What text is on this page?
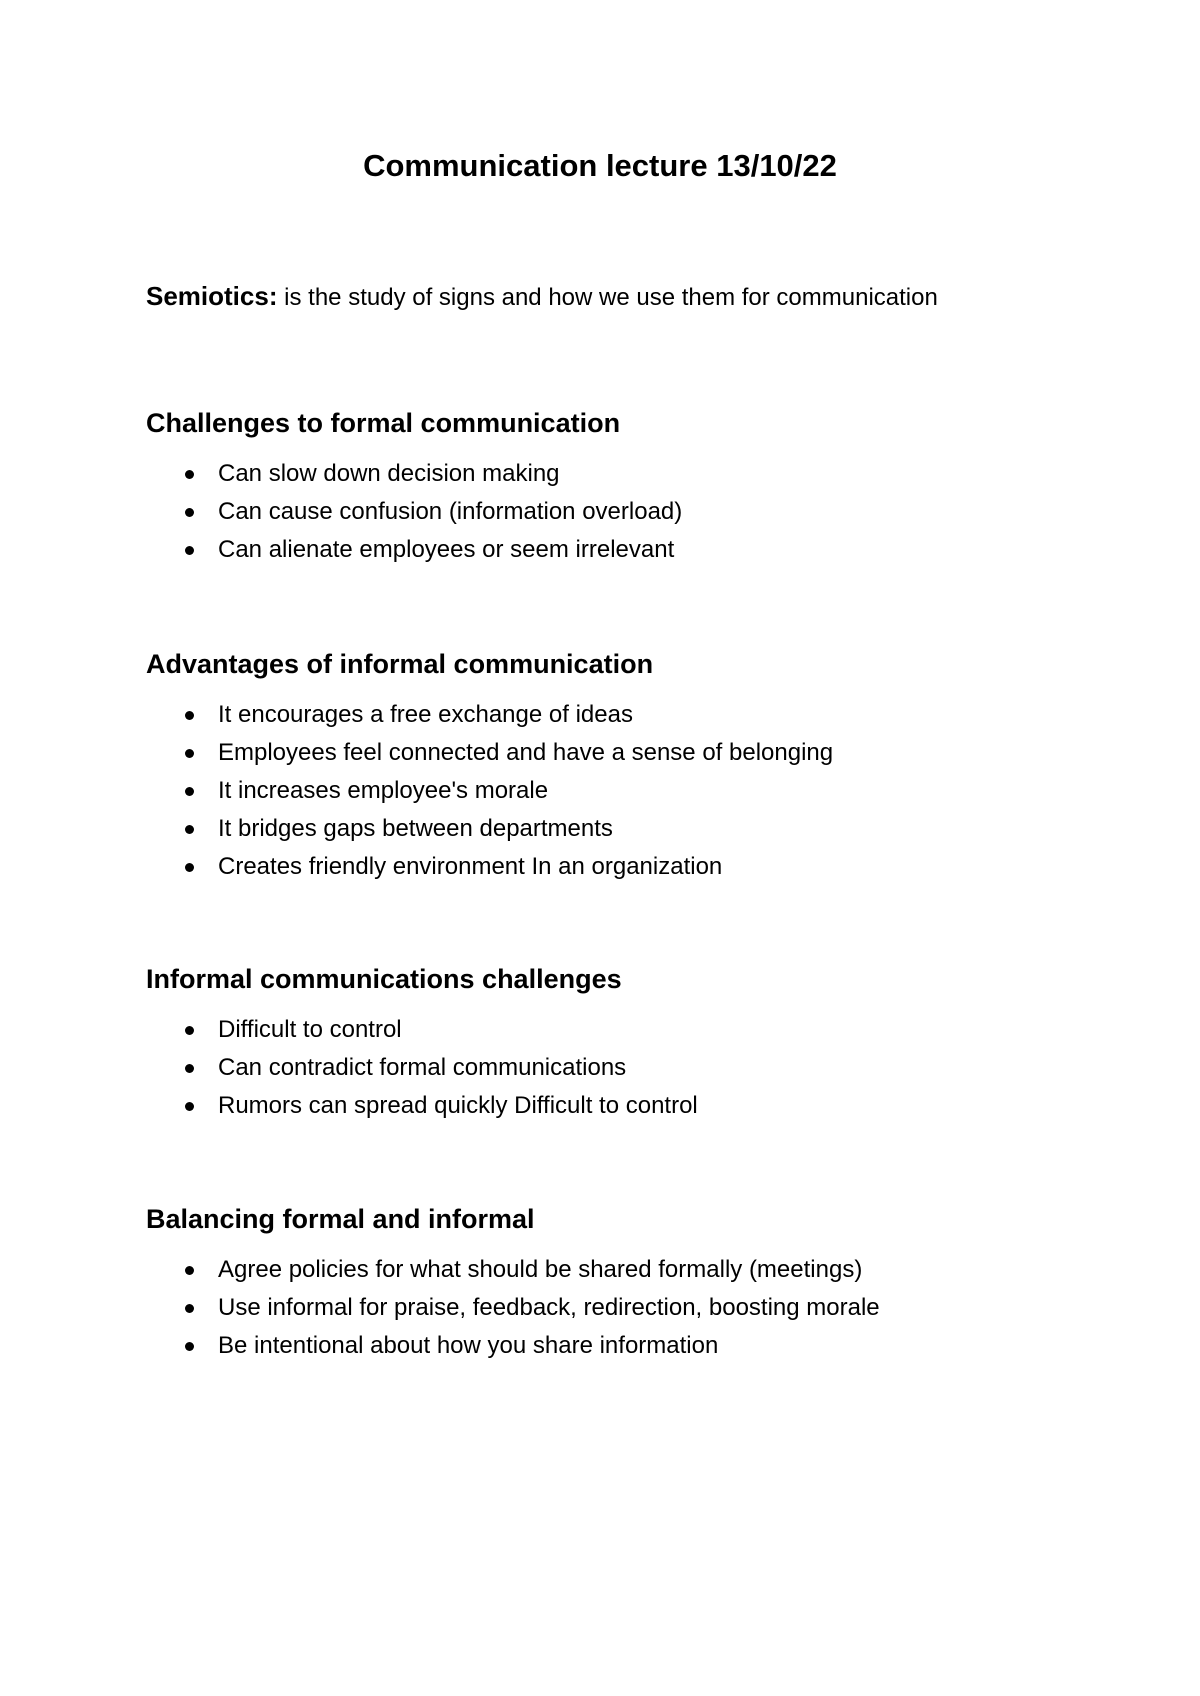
Communication lecture 13/10/22

Semiotics: is the study of signs and how we use them for communication

Challenges to formal communication
Can slow down decision making
Can cause confusion (information overload)
Can alienate employees or seem irrelevant
Advantages of informal communication
It encourages a free exchange of ideas
Employees feel connected and have a sense of belonging
It increases employee's morale
It bridges gaps between departments
Creates friendly environment In an organization
Informal communications challenges
Difficult to control
Can contradict formal communications
Rumors can spread quickly Difficult to control
Balancing formal and informal
Agree policies for what should be shared formally (meetings)
Use informal for praise, feedback, redirection, boosting morale
Be intentional about how you share information
